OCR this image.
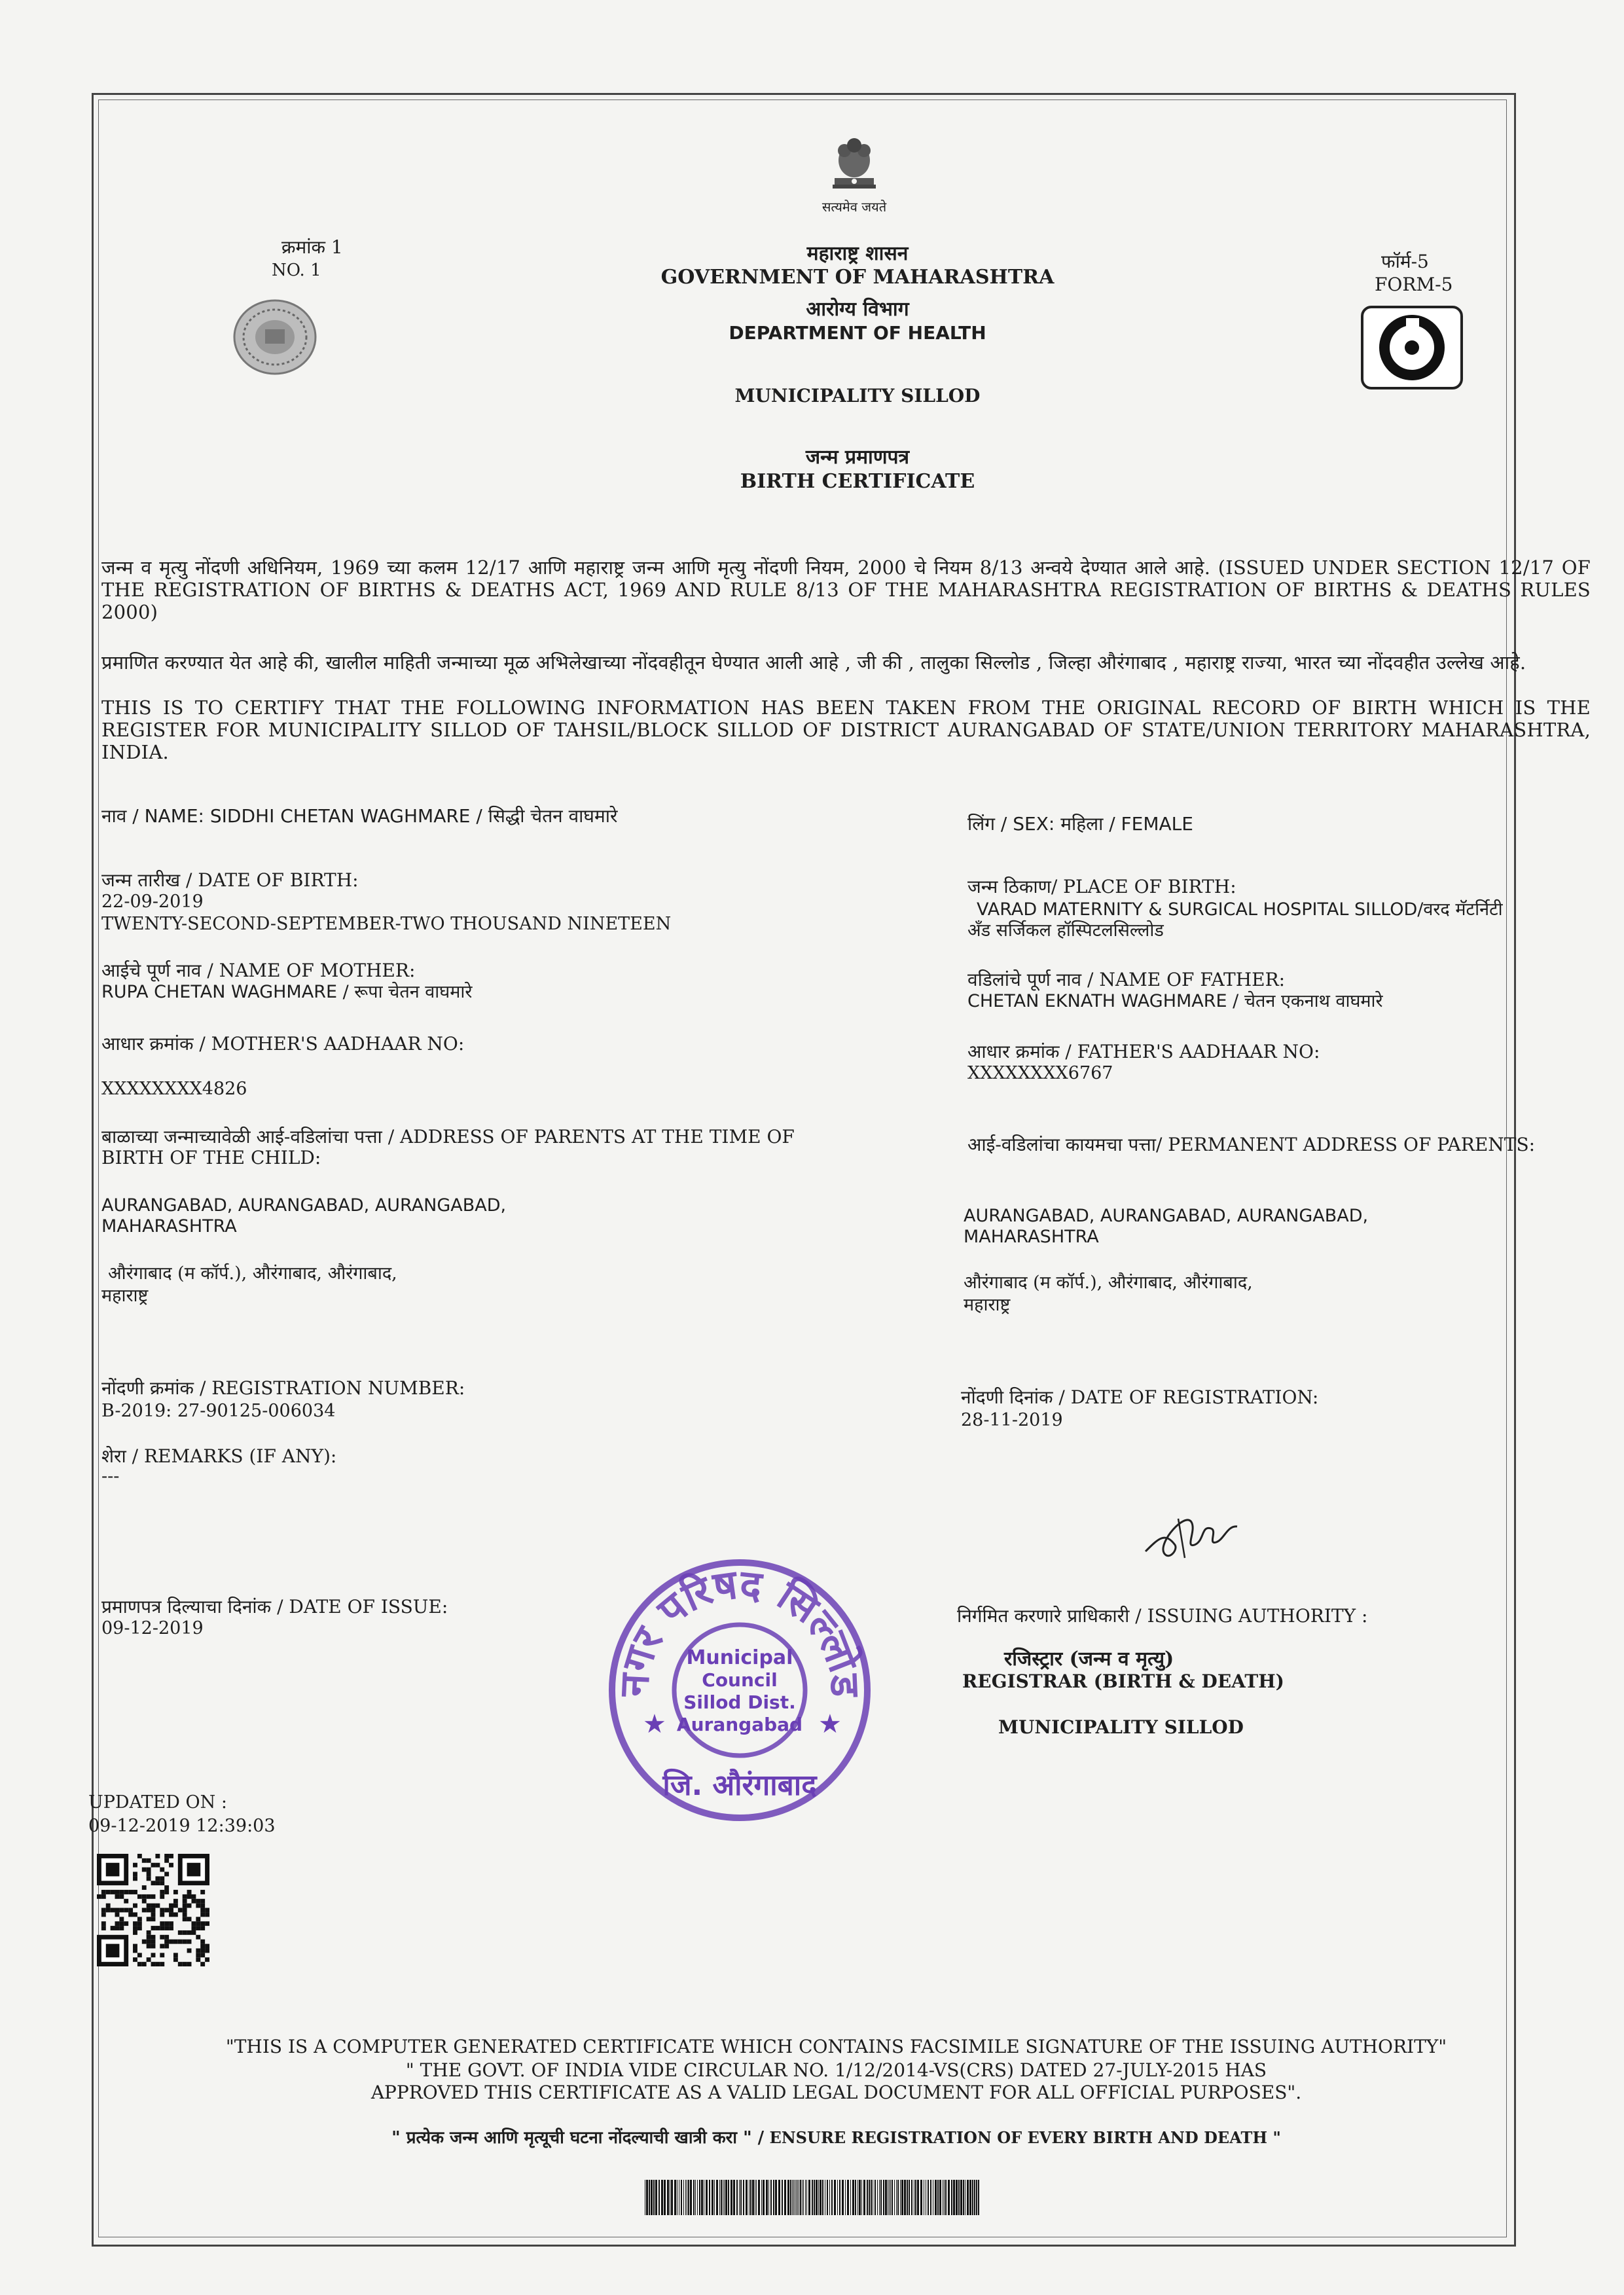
सत्यमेव जयते
क्रमांक 1
NO. 1	फॉर्म-5
FORM-5
महाराष्ट्र शासन
GOVERNMENT OF MAHARASHTRA
आरोग्य विभाग
DEPARTMENT OF HEALTH
MUNICIPALITY SILLOD
जन्म प्रमाणपत्र
BIRTH CERTIFICATE
जन्म व मृत्यु नोंदणी अधिनियम, 1969 च्या कलम 12/17 आणि महाराष्ट्र जन्म आणि मृत्यु नोंदणी नियम, 2000 चे नियम 8/13 अन्वये देण्यात आले आहे. (ISSUED UNDER SECTION 12/17 OF THE REGISTRATION OF BIRTHS & DEATHS ACT, 1969 AND RULE 8/13 OF THE MAHARASHTRA REGISTRATION OF BIRTHS & DEATHS RULES 2000)
प्रमाणित करण्यात येत आहे की, खालील माहिती जन्माच्या मूळ अभिलेखाच्या नोंदवहीतून घेण्यात आली आहे , जी की , तालुका सिल्लोड , जिल्हा औरंगाबाद , महाराष्ट्र राज्या, भारत च्या नोंदवहीत उल्लेख आहे.
THIS IS TO CERTIFY THAT THE FOLLOWING INFORMATION HAS BEEN TAKEN FROM THE ORIGINAL RECORD OF BIRTH WHICH IS THE REGISTER FOR MUNICIPALITY SILLOD OF TAHSIL/BLOCK SILLOD OF DISTRICT AURANGABAD OF STATE/UNION TERRITORY MAHARASHTRA, INDIA.
नाव / NAME: SIDDHI CHETAN WAGHMARE / सिद्धी चेतन वाघमारे
जन्म तारीख / DATE OF BIRTH:
22-09-2019
TWENTY-SECOND-SEPTEMBER-TWO THOUSAND NINETEEN
आईचे पूर्ण नाव / NAME OF MOTHER:
RUPA CHETAN WAGHMARE / रूपा चेतन वाघमारे
आधार क्रमांक / MOTHER'S AADHAAR NO:
XXXXXXXX4826
बाळाच्या जन्माच्यावेळी आई-वडिलांचा पत्ता / ADDRESS OF PARENTS AT THE TIME OF
BIRTH OF THE CHILD:
AURANGABAD, AURANGABAD, AURANGABAD,
MAHARASHTRA
औरंगाबाद (म कॉर्प.), औरंगाबाद, औरंगाबाद,
महाराष्ट्र
नोंदणी क्रमांक / REGISTRATION NUMBER:
B-2019: 27-90125-006034
शेरा / REMARKS (IF ANY):
---
प्रमाणपत्र दिल्याचा दिनांक / DATE OF ISSUE:
09-12-2019
UPDATED ON :
09-12-2019 12:39:03
लिंग / SEX: महिला / FEMALE
जन्म ठिकाण/ PLACE OF BIRTH:
VARAD MATERNITY & SURGICAL HOSPITAL SILLOD/वरद मॅटर्निटी
अँड सर्जिकल हॉस्पिटलसिल्लोड
वडिलांचे पूर्ण नाव / NAME OF FATHER:
CHETAN EKNATH WAGHMARE / चेतन एकनाथ वाघमारे
आधार क्रमांक / FATHER'S AADHAAR NO:
XXXXXXXX6767
आई-वडिलांचा कायमचा पत्ता/ PERMANENT ADDRESS OF PARENTS:
AURANGABAD, AURANGABAD, AURANGABAD,
MAHARASHTRA
औरंगाबाद (म कॉर्प.), औरंगाबाद, औरंगाबाद,
महाराष्ट्र
नोंदणी दिनांक / DATE OF REGISTRATION:
28-11-2019
निर्गमित करणारे प्राधिकारी / ISSUING AUTHORITY :
रजिस्ट्रार (जन्म व मृत्यु)
REGISTRAR (BIRTH & DEATH)
MUNICIPALITY SILLOD
नगर परिषद सिल्लोड
Municipal
Council
Sillod Dist.
Aurangabad
जि. औरंगाबाद
★	★
"THIS IS A COMPUTER GENERATED CERTIFICATE WHICH CONTAINS FACSIMILE SIGNATURE OF THE ISSUING AUTHORITY"
" THE GOVT. OF INDIA VIDE CIRCULAR NO. 1/12/2014-VS(CRS) DATED 27-JULY-2015 HAS
APPROVED THIS CERTIFICATE AS A VALID LEGAL DOCUMENT FOR ALL OFFICIAL PURPOSES".
" प्रत्येक जन्म आणि मृत्यूची घटना नोंदल्याची खात्री करा " / ENSURE REGISTRATION OF EVERY BIRTH AND DEATH "
